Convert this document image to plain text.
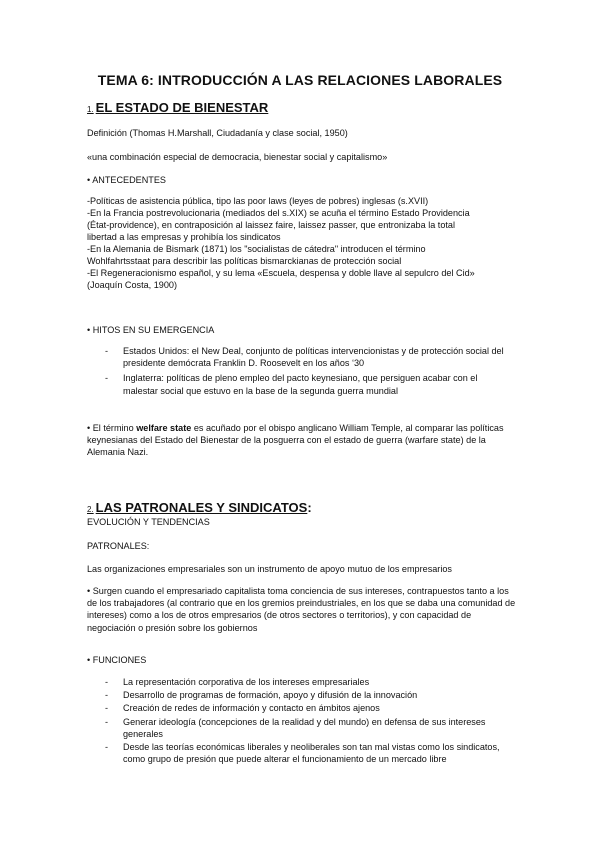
TEMA 6: INTRODUCCIÓN A LAS RELACIONES LABORALES
1. EL ESTADO DE BIENESTAR
Definición (Thomas H.Marshall, Ciudadanía y clase social, 1950)
«una combinación especial de democracia, bienestar social y capitalismo»
• ANTECEDENTES
-Políticas de asistencia pública, tipo las poor laws (leyes de pobres) inglesas (s.XVII)
-En la Francia postrevolucionaria (mediados del s.XIX) se acuña el término Estado Providencia
(État-providence), en contraposición al laissez faire, laissez passer, que entronizaba la total
libertad a las empresas y prohibía los sindicatos
-En la Alemania de Bismark (1871) los "socialistas de cátedra" introducen el término
Wohlfahrtsstaat para describir las políticas bismarckianas de protección social
-El Regeneracionismo español, y su lema «Escuela, despensa y doble llave al sepulcro del Cid»
(Joaquín Costa, 1900)
• HITOS EN SU EMERGENCIA
- Estados Unidos: el New Deal, conjunto de políticas intervencionistas y de protección social del presidente demócrata Franklin D. Roosevelt en los años ‘30
- Inglaterra: políticas de pleno empleo del pacto keynesiano, que persiguen acabar con el malestar social que estuvo en la base de la segunda guerra mundial
• El término welfare state es acuñado por el obispo anglicano William Temple, al comparar las políticas keynesianas del Estado del Bienestar de la posguerra con el estado de guerra (warfare state) de la Alemania Nazi.
2. LAS PATRONALES Y SINDICATOS:
EVOLUCIÓN Y TENDENCIAS
PATRONALES:
Las organizaciones empresariales son un instrumento de apoyo mutuo de los empresarios
• Surgen cuando el empresariado capitalista toma conciencia de sus intereses, contrapuestos tanto a los de los trabajadores (al contrario que en los gremios preindustriales, en los que se daba una comunidad de intereses) como a los de otros empresarios (de otros sectores o territorios), y con capacidad de negociación o presión sobre los gobiernos
• FUNCIONES
- La representación corporativa de los intereses empresariales
- Desarrollo de programas de formación, apoyo y difusión de la innovación
- Creación de redes de información y contacto en ámbitos ajenos
- Generar ideología (concepciones de la realidad y del mundo) en defensa de sus intereses generales
- Desde las teorías económicas liberales y neoliberales son tan mal vistas como los sindicatos, como grupo de presión que puede alterar el funcionamiento de un mercado libre
